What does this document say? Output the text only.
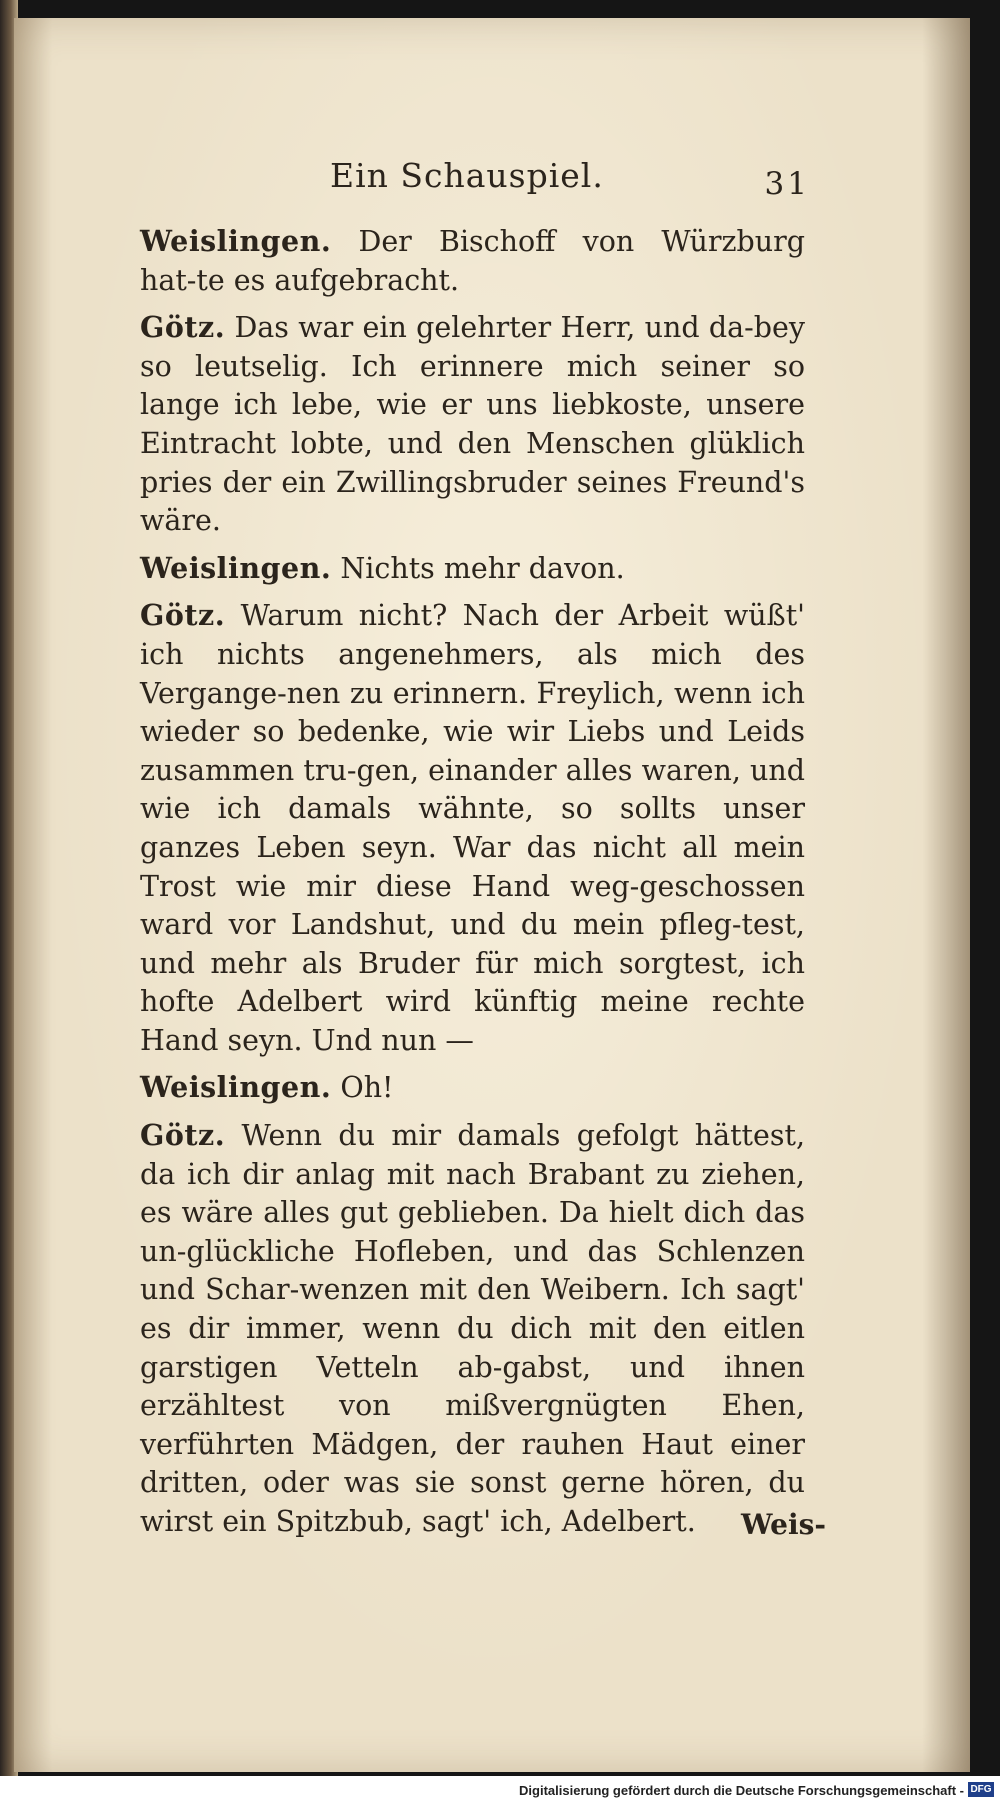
Ein Schauspiel.	31

Weislingen. Der Bischoff von Würzburg hat‑te es aufgebracht.

Götz. Das war ein gelehrter Herr, und da‑bey so leutselig. Ich erinnere mich seiner so lange ich lebe, wie er uns liebkoste, unsere Eintracht lobte, und den Menschen glüklich pries der ein Zwillingsbruder seines Freund's wäre.

Weislingen. Nichts mehr davon.

Götz. Warum nicht? Nach der Arbeit wüßt' ich nichts angenehmers, als mich des Vergange‑nen zu erinnern. Freylich, wenn ich wieder so bedenke, wie wir Liebs und Leids zusammen tru‑gen, einander alles waren, und wie ich damals wähnte, so sollts unser ganzes Leben seyn. War das nicht all mein Trost wie mir diese Hand weg‑geschossen ward vor Landshut, und du mein pfleg‑test, und mehr als Bruder für mich sorgtest, ich hofte Adelbert wird künftig meine rechte Hand seyn. Und nun —

Weislingen. Oh!

Götz. Wenn du mir damals gefolgt hättest, da ich dir anlag mit nach Brabant zu ziehen, es wäre alles gut geblieben. Da hielt dich das un‑glückliche Hofleben, und das Schlenzen und Schar‑wenzen mit den Weibern. Ich sagt' es dir immer, wenn du dich mit den eitlen garstigen Vetteln ab‑gabst, und ihnen erzähltest von mißvergnügten Ehen, verführten Mädgen, der rauhen Haut einer dritten, oder was sie sonst gerne hören, du wirst ein Spitzbub, sagt' ich, Adelbert.	Weis‑
Digitalisierung gefördert durch die Deutsche Forschungsgemeinschaft - DFG
